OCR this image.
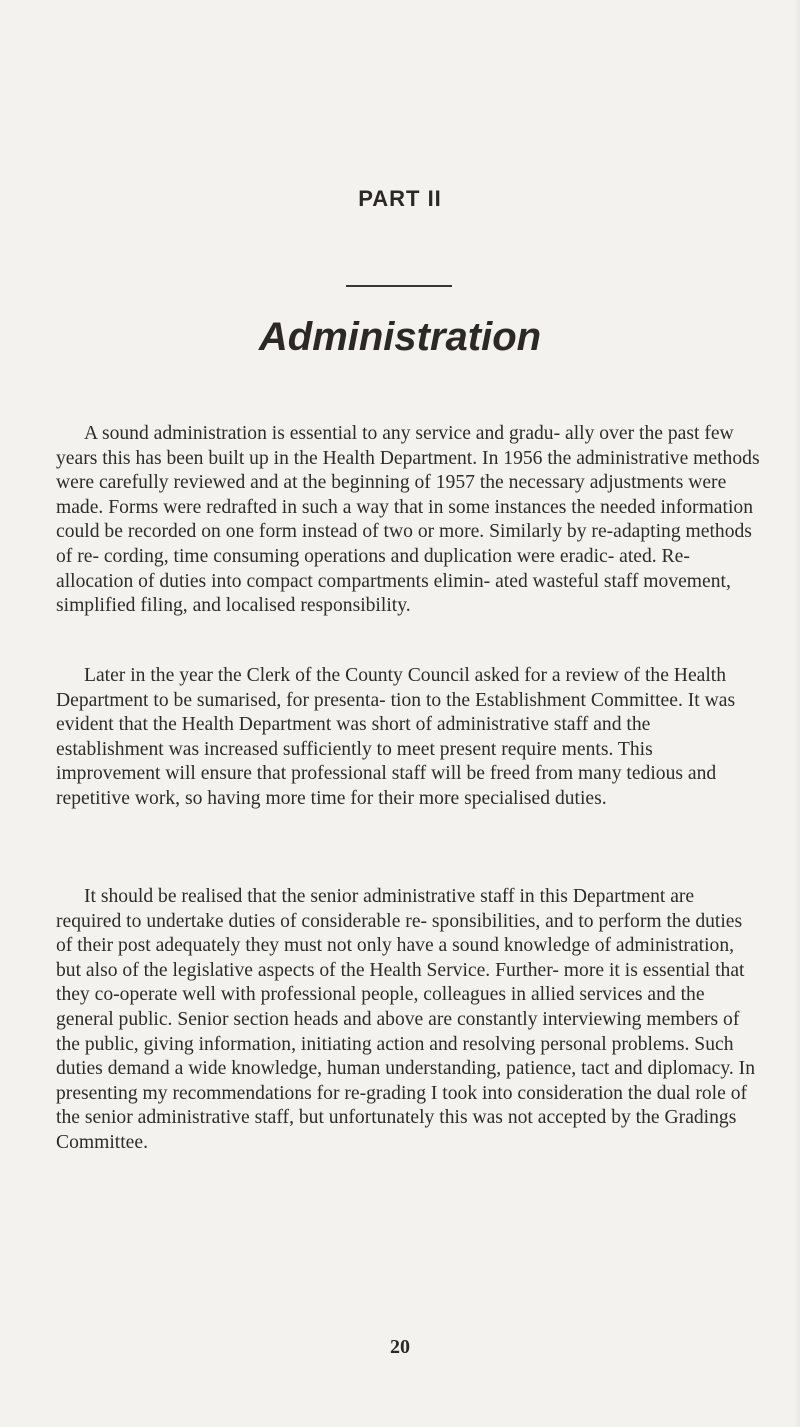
PART II
Administration

A sound administration is essential to any service and gradu- ally over the past few years this has been built up in the Health Department. In 1956 the administrative methods were carefully reviewed and at the beginning of 1957 the necessary adjustments were made. Forms were redrafted in such a way that in some instances the needed information could be recorded on one form instead of two or more. Similarly by re-adapting methods of re- cording, time consuming operations and duplication were eradic- ated. Re-allocation of duties into compact compartments elimin- ated wasteful staff movement, simplified filing, and localised responsibility.

Later in the year the Clerk of the County Council asked for a review of the Health Department to be sumarised, for presenta- tion to the Establishment Committee. It was evident that the Health Department was short of administrative staff and the establishment was increased sufficiently to meet present require ments. This improvement will ensure that professional staff will be freed from many tedious and repetitive work, so having more time for their more specialised duties.

It should be realised that the senior administrative staff in this Department are required to undertake duties of considerable re- sponsibilities, and to perform the duties of their post adequately they must not only have a sound knowledge of administration, but also of the legislative aspects of the Health Service. Further- more it is essential that they co-operate well with professional people, colleagues in allied services and the general public. Senior section heads and above are constantly interviewing members of the public, giving information, initiating action and resolving personal problems. Such duties demand a wide knowledge, human understanding, patience, tact and diplomacy. In presenting my recommendations for re-grading I took into consideration the dual role of the senior administrative staff, but unfortunately this was not accepted by the Gradings Committee.

20
